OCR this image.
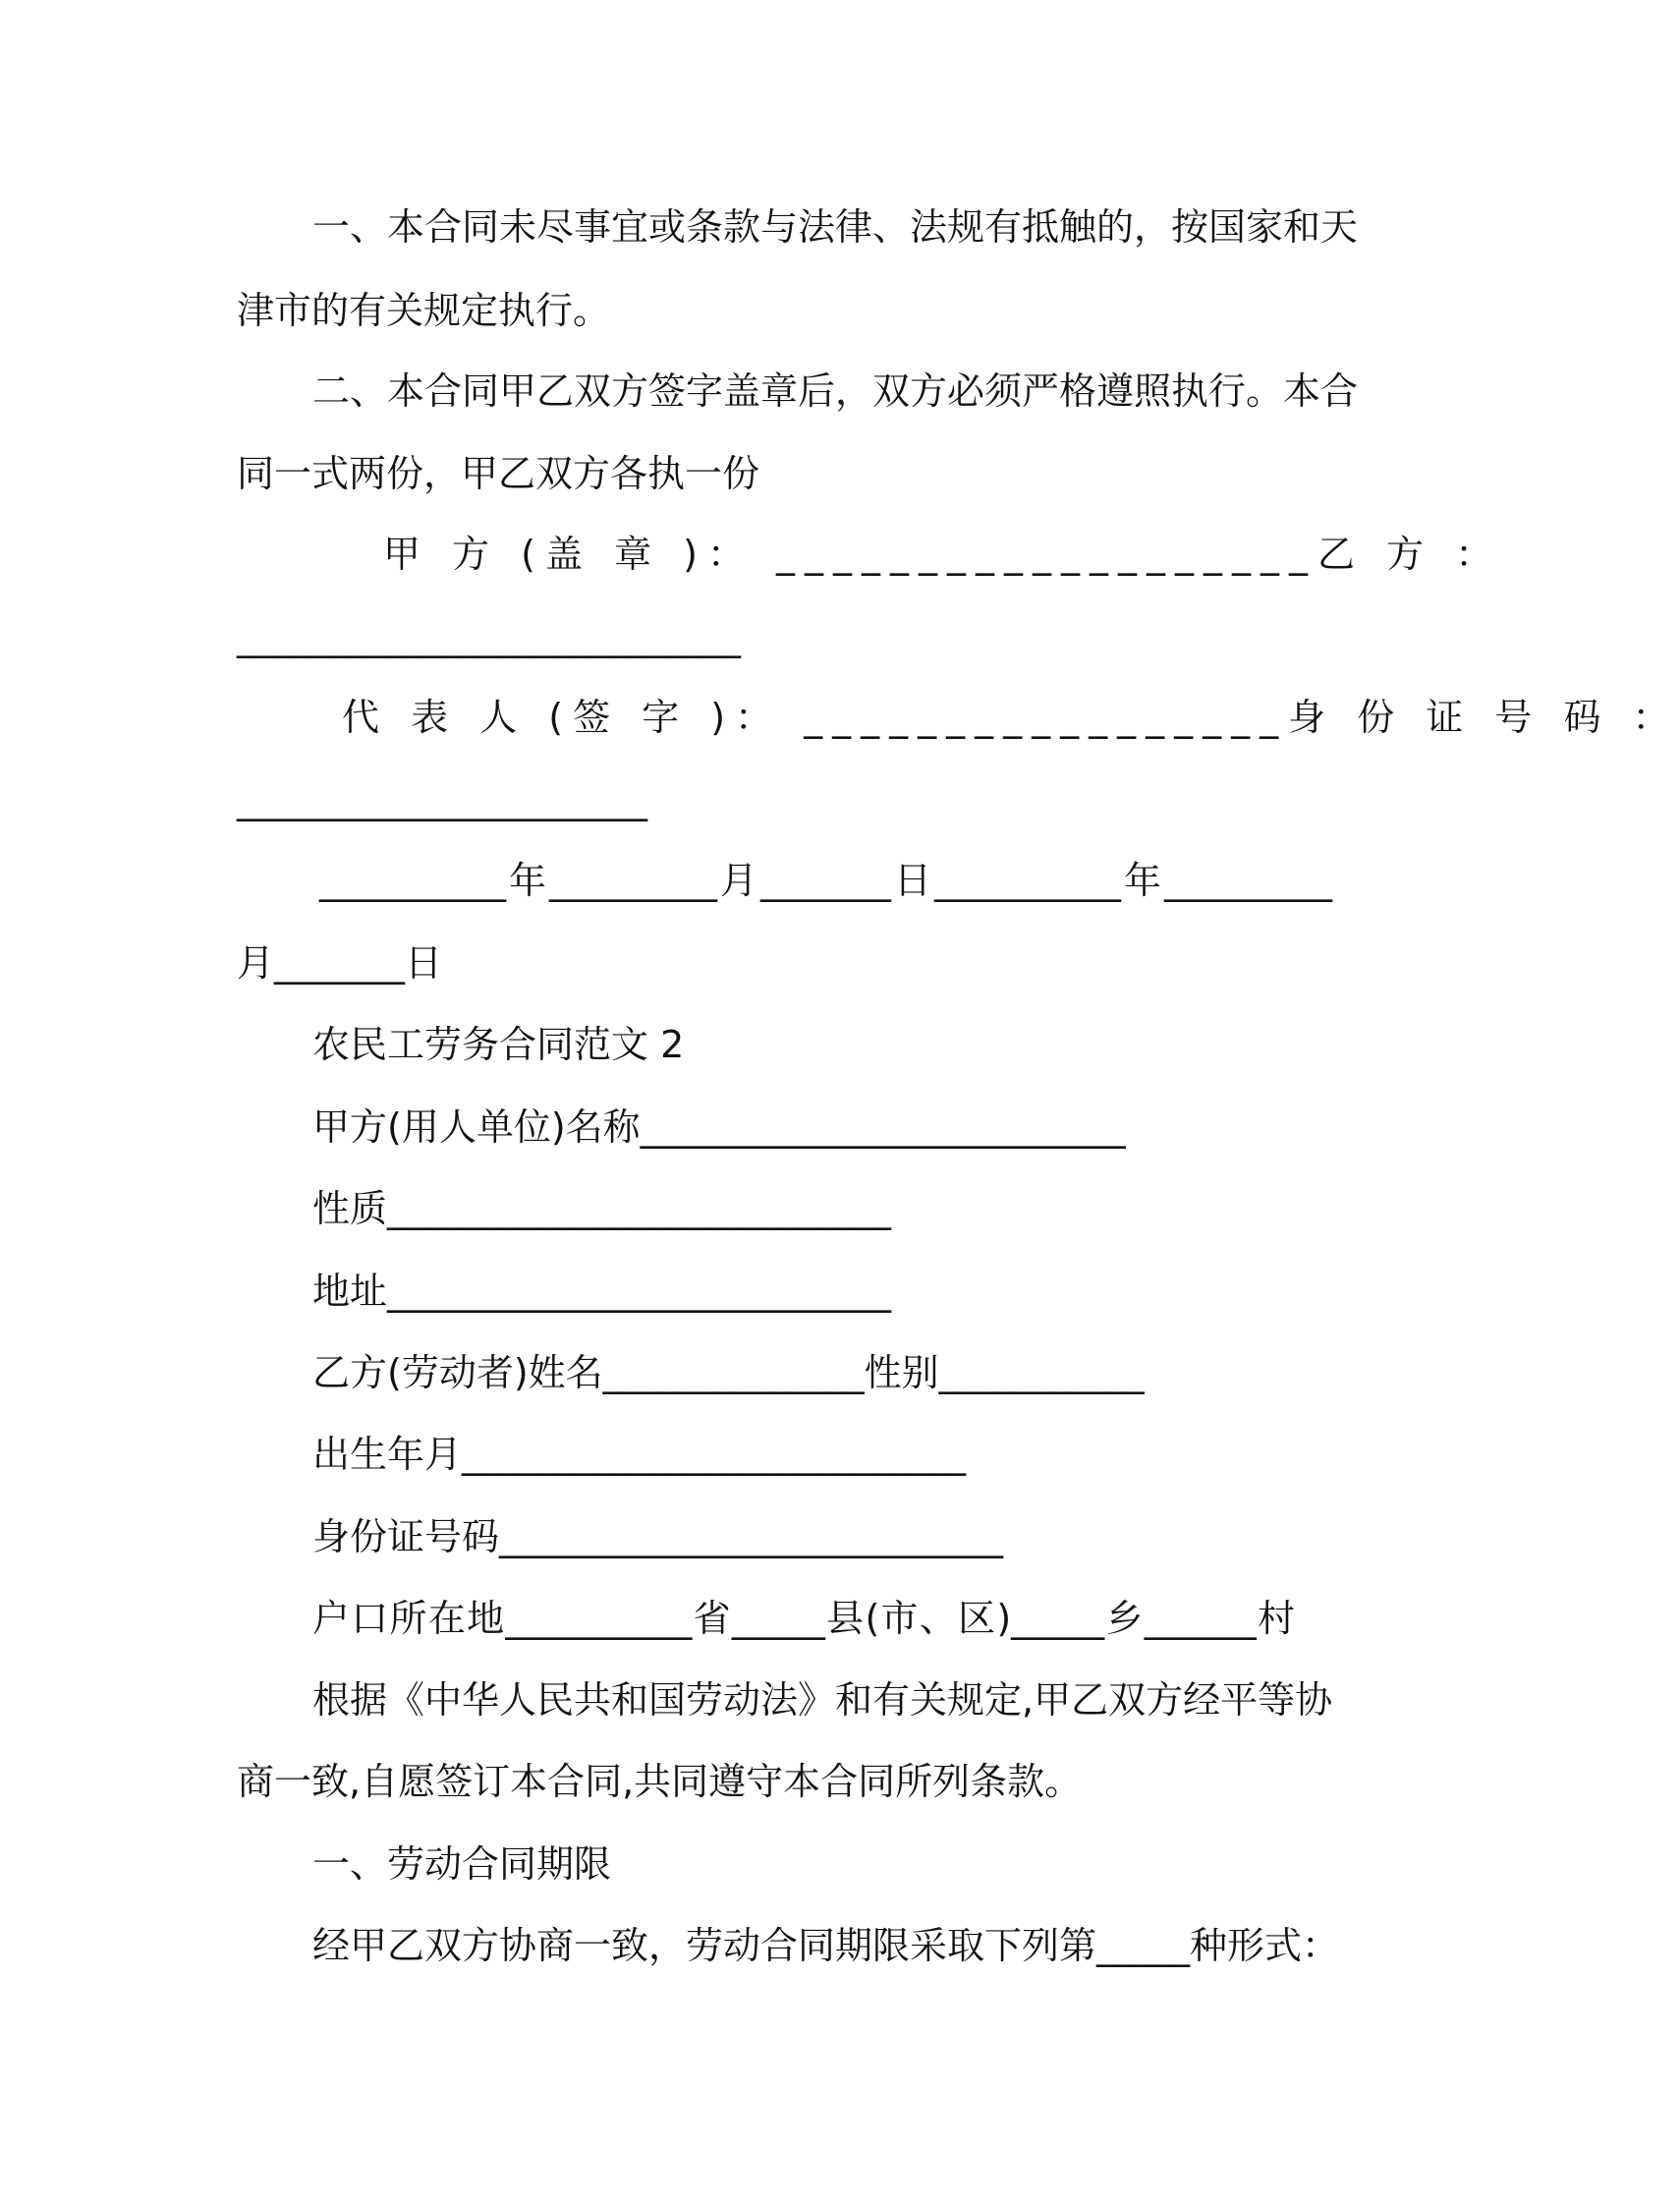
一、本合同未尽事宜或条款与法律、法规有抵触的，按国家和天
津市的有关规定执行。
二、本合同甲乙双方签字盖章后，双方必须严格遵照执行。本合
同一式两份，甲乙双方各执一份
甲 方 (盖 章 )： ___________________乙 方 ：
___________________________
代 表 人 (签 字 )： _________________身 份 证 号 码 ：
______________________
__________年_________月_______日__________年_________
月_______日
农民工劳务合同范文 2
甲方(用人单位)名称__________________________
性质___________________________
地址___________________________
乙方(劳动者)姓名______________性别___________
出生年月___________________________
身份证号码___________________________
户口所在地__________省_____县(市、区)_____乡______村
根据《中华人民共和国劳动法》和有关规定,甲乙双方经平等协
商一致,自愿签订本合同,共同遵守本合同所列条款。
一、劳动合同期限
经甲乙双方协商一致，劳动合同期限采取下列第_____种形式：
